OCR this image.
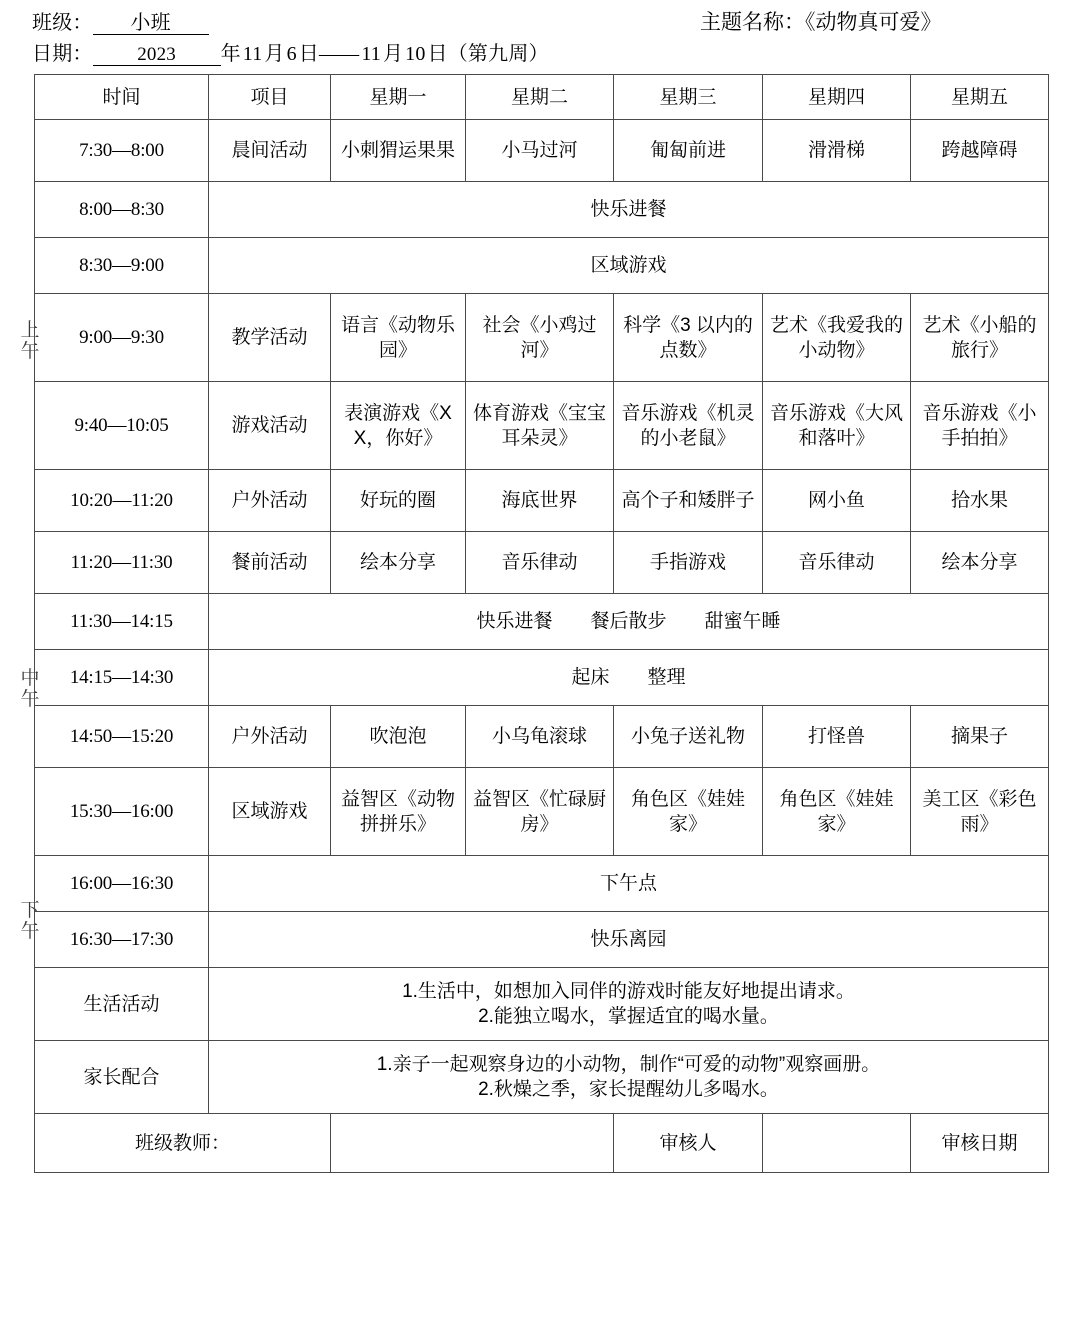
班级： 小班
日期： 2023 年 11 月 6 日—— 11 月 10 日（第九周）
主题名称：《动物真可爱》
上午
中午
下午
时间	项目	星期一	星期二	星期三	星期四	星期五
7:30—8:00	晨间活动	小刺猬运果果	小马过河	匍匐前进	滑滑梯	跨越障碍
8:00—8:30	快乐进餐					
8:30—9:00	区域游戏					
9:00—9:30	教学活动	语言《动物乐园》	社会《小鸡过河》	科学《3 以内的点数》	艺术《我爱我的小动物》	艺术《小船的旅行》
9:40—10:05	游戏活动	表演游戏《XX，你好》	体育游戏《宝宝耳朵灵》	音乐游戏《机灵的小老鼠》	音乐游戏《大风和落叶》	音乐游戏《小手拍拍》
10:20—11:20	户外活动	好玩的圈	海底世界	高个子和矮胖子	网小鱼	拾水果
11:20—11:30	餐前活动	绘本分享	音乐律动	手指游戏	音乐律动	绘本分享
11:30—14:15	快乐进餐　　餐后散步　　甜蜜午睡					
14:15—14:30	起床　　整理					
14:50—15:20	户外活动	吹泡泡	小乌龟滚球	小兔子送礼物	打怪兽	摘果子
15:30—16:00	区域游戏	益智区《动物拼拼乐》	益智区《忙碌厨房》	角色区《娃娃家》	角色区《娃娃家》	美工区《彩色雨》
16:00—16:30	下午点					
16:30—17:30	快乐离园					
生活活动	1.生活中，如想加入同伴的游戏时能友好地提出请求。
2.能独立喝水，掌握适宜的喝水量。					

家长配合	1.亲子一起观察身边的小动物，制作“可爱的动物”观察画册。
2.秋燥之季，家长提醒幼儿多喝水。					

班级教师：				审核人		审核日期
